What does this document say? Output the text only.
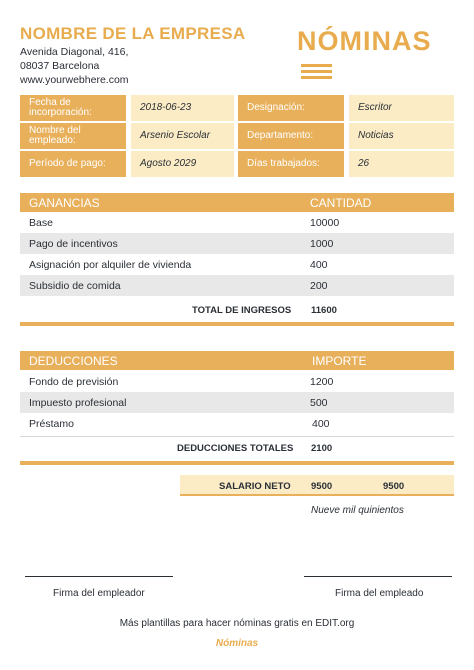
NOMBRE DE LA EMPRESA
Avenida Diagonal, 416,
08037 Barcelona
www.yourwebhere.com
NÓMINAS
Fecha de incorporación:	2018-06-23	Designación:	Escritor
Nombre del empleado:	Arsenio Escolar	Departamento:	Noticias
Período de pago:	Agosto 2029	Días trabajados:	26
GANANCIAS	CANTIDAD
Base	10000
Pago de incentivos	1000
Asignación por alquiler de vivienda	400
Subsidio de comida	200
TOTAL DE INGRESOS 11600
DEDUCCIONES	IMPORTE
Fondo de previsión	1200
Impuesto profesional	500
Préstamo	400
DEDUCCIONES TOTALES 2100
SALARIO NETO 9500	9500
Nueve mil quinientos
Firma del empleador	Firma del empleado
Más plantillas para hacer nóminas gratis en EDIT.org
Nóminas
